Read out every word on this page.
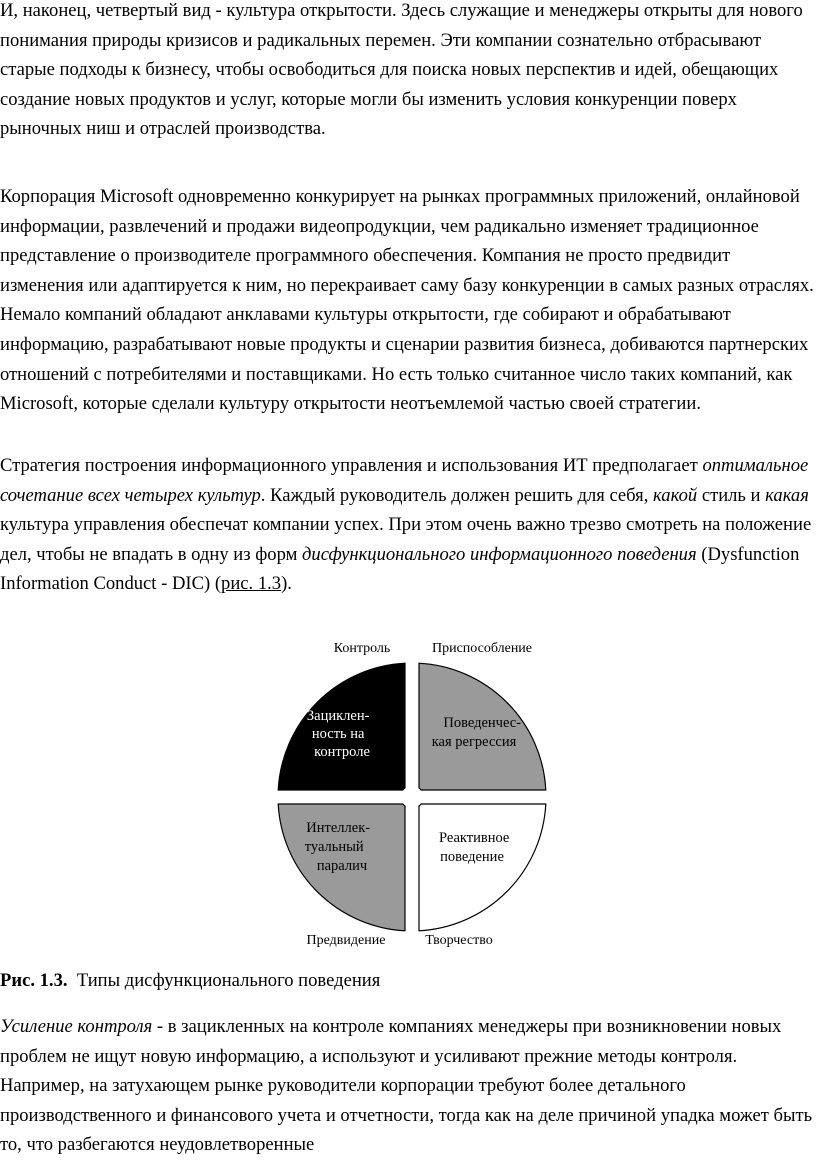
И, наконец, четвертый вид - культура открытости. Здесь служащие и менеджеры открыты для нового понимания природы кризисов и радикальных перемен. Эти компании сознательно отбрасывают старые подходы к бизнесу, чтобы освободиться для поиска новых перспектив и идей, обещающих создание новых продуктов и услуг, которые могли бы изменить условия конкуренции поверх рыночных ниш и отраслей производства.

Корпорация Microsoft одновременно конкурирует на рынках программных приложений, онлайновой информации, развлечений и продажи видеопродукции, чем радикально изменяет традиционное представление о производителе программного обеспечения. Компания не просто предвидит изменения или адаптируется к ним, но перекраивает саму базу конкуренции в самых разных отраслях. Немало компаний обладают анклавами культуры открытости, где собирают и обрабатывают информацию, разрабатывают новые продукты и сценарии развития бизнеса, добиваются партнерских отношений с потребителями и поставщиками. Но есть только считанное число таких компаний, как Microsoft, которые сделали культуру открытости неотъемлемой частью своей стратегии.

Стратегия построения информационного управления и использования ИТ предполагает оптимальное сочетание всех четырех культур. Каждый руководитель должен решить для себя, какой стиль и какая культура управления обеспечат компании успех. При этом очень важно трезво смотреть на положение дел, чтобы не впадать в одну из форм дисфункционального информационного поведения (Dysfunction Information Conduct - DIC) (рис. 1.3).

Контроль	Приспособление
Предвидение	Творчество
Зациклен- ность на контроле
Поведенчес- кая регрессия
Интеллек- туальный паралич
Реактивное поведение

Рис. 1.3. Типы дисфункционального поведения

Усиление контроля - в зацикленных на контроле компаниях менеджеры при возникновении новых проблем не ищут новую информацию, а используют и усиливают прежние методы контроля. Например, на затухающем рынке руководители корпорации требуют более детального производственного и финансового учета и отчетности, тогда как на деле причиной упадка может быть то, что разбегаются неудовлетворенные
